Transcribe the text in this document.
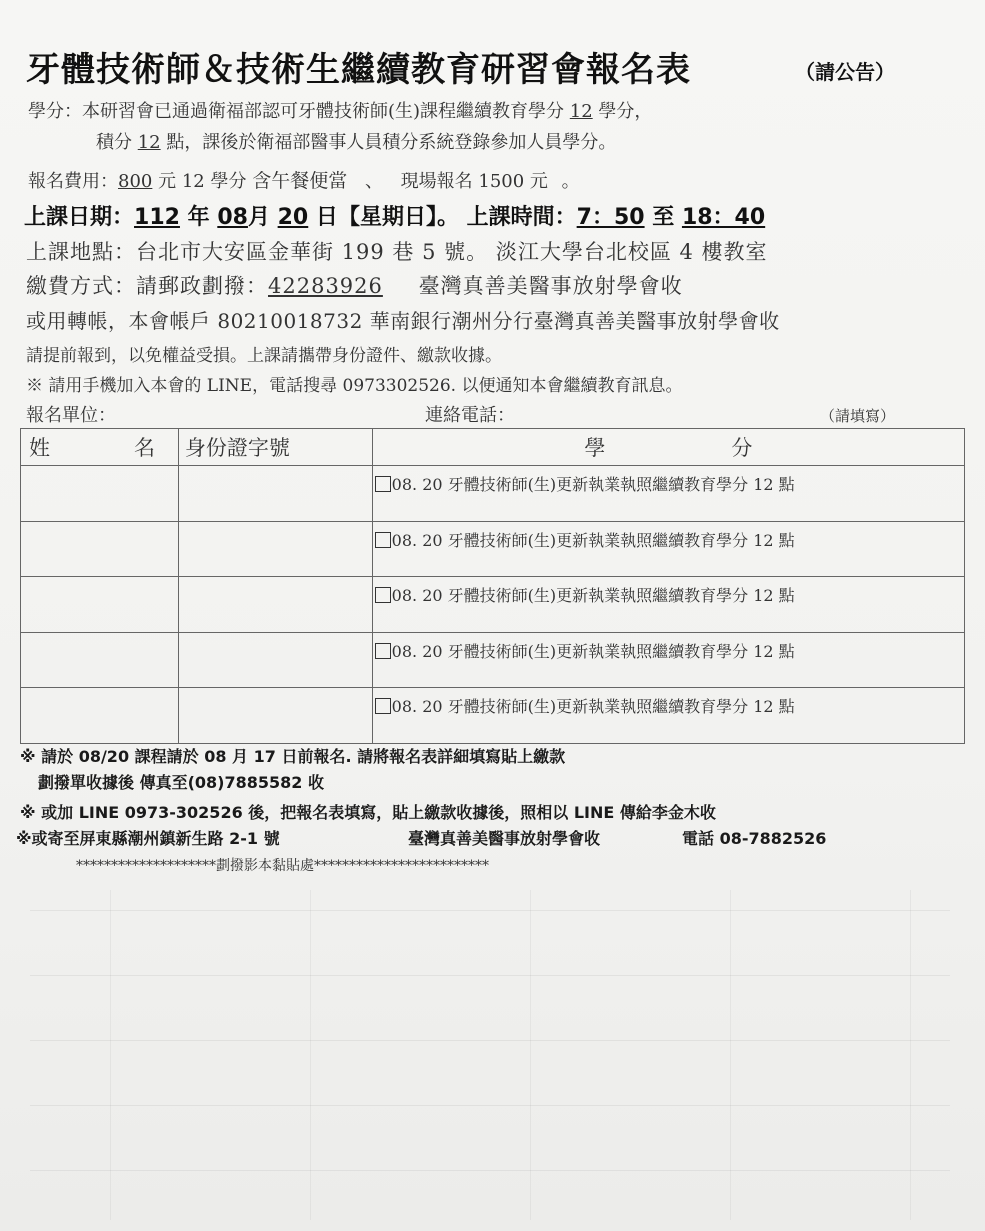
牙體技術師＆技術生繼續教育研習會報名表	（請公告）
學分：本研習會已通過衛福部認可牙體技術師(生)課程繼續教育學分 12 學分，
積分 12 點，課後於衛福部醫事人員積分系統登錄參加人員學分。
報名費用：800 元 12 學分 含午餐便當 、 現場報名 1500 元 。
上課日期：112 年 08月 20 日【星期日】。 上課時間：7：50 至 18：40
上課地點：台北市大安區金華街 199 巷 5 號。 淡江大學台北校區 4 樓教室
繳費方式：請郵政劃撥：42283926 臺灣真善美醫事放射學會收
或用轉帳，本會帳戶 80210018732 華南銀行潮州分行臺灣真善美醫事放射學會收
請提前報到，以免權益受損。上課請攜帶身份證件、繳款收據。
※ 請用手機加入本會的 LINE，電話搜尋 0973302526. 以便通知本會繼續教育訊息。
報名單位：	連絡電話：	（請填寫）
姓　　　　名	身份證字號	學　　　　　　分
		08. 20 牙體技術師(生)更新執業執照繼續教育學分 12 點
		08. 20 牙體技術師(生)更新執業執照繼續教育學分 12 點
		08. 20 牙體技術師(生)更新執業執照繼續教育學分 12 點
		08. 20 牙體技術師(生)更新執業執照繼續教育學分 12 點
		08. 20 牙體技術師(生)更新執業執照繼續教育學分 12 點
※ 請於 08/20 課程請於 08 月 17 日前報名. 請將報名表詳細填寫貼上繳款
劃撥單收據後 傳真至(08)7885582 收
※ 或加 LINE 0973-302526 後，把報名表填寫，貼上繳款收據後，照相以 LINE 傳給李金木收
※或寄至屏東縣潮州鎮新生路 2-1 號	臺灣真善美醫事放射學會收	電話 08-7882526
********************劃撥影本黏貼處*************************
